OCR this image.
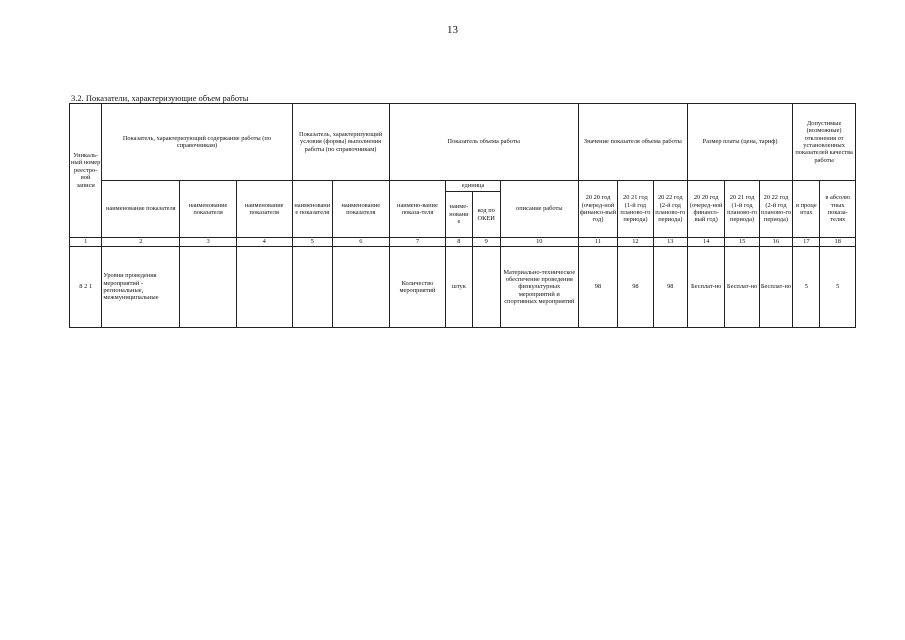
13
3.2. Показатели, характеризующие объем работы
Уникаль-ный номер реестро-вой записи	Показатель, характеризующий содержание работы (по справочникам)			Показатель, характеризующий условия (формы) выполнения работы (по справочникам)		Показатель объема работы				Значение показателя объема работы			Размер платы (цена, тариф)			Допустимые (возможные) отклонения от установленных показателей качества работы	
	наименование показателя	наименование показателя	наименование показателя	наименование показателя	наименование показателя	наимено-вание показа-теля	единица		описание работы	20 20 год (очеред-ной финансо-вый год)	20 21 год (1-й год планово-го периода)	20 22 год (2-й год планово-го периода)	20 20 год (очеред-ной финансо-вый год)	20 21 год (1-й год планово-го периода)	20 22 год (2-й год планово-го периода)	в проце нтах	в абсолю тных показа-телях
							наиме-новани е	код по ОКЕИ									
1	2	3	4	5	6	7	8	9	10	11	12	13	14	15	16	17	18
8 2 1	Уровни проведения мероприятий - региональные, межмуниципальные					Количество мероприятий	штук		Материально-техническое обеспечение проведения физкультурных мероприятий и спортивных мероприятий	98	98	98	Бесплат-но	Бесплат-но	Бесплат-но	5	5
